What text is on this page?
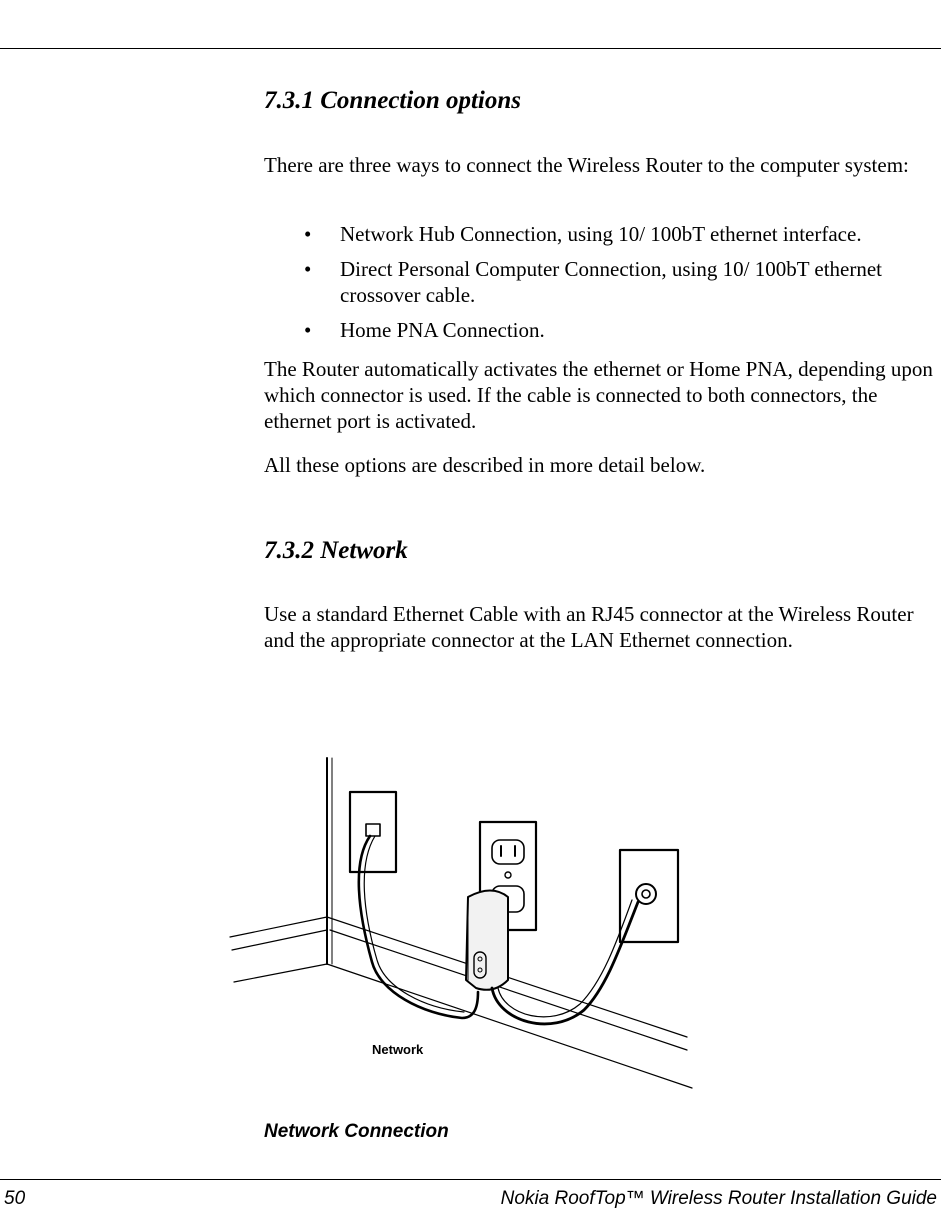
7.3.1 Connection options

There are three ways to connect the Wireless Router to the computer system:

• Network Hub Connection, using 10/ 100bT ethernet interface.
• Direct Personal Computer Connection, using 10/ 100bT ethernet crossover cable.
• Home PNA Connection.

The Router automatically activates the ethernet or Home PNA, depending upon which connector is used. If the cable is connected to both connectors, the ethernet port is activated.

All these options are described in more detail below.

7.3.2 Network

Use a standard Ethernet Cable with an RJ45 connector at the Wireless Router and the appropriate connector at the LAN Ethernet connection.

Network
Network Connection
50	Nokia RoofTop™ Wireless Router Installation Guide
